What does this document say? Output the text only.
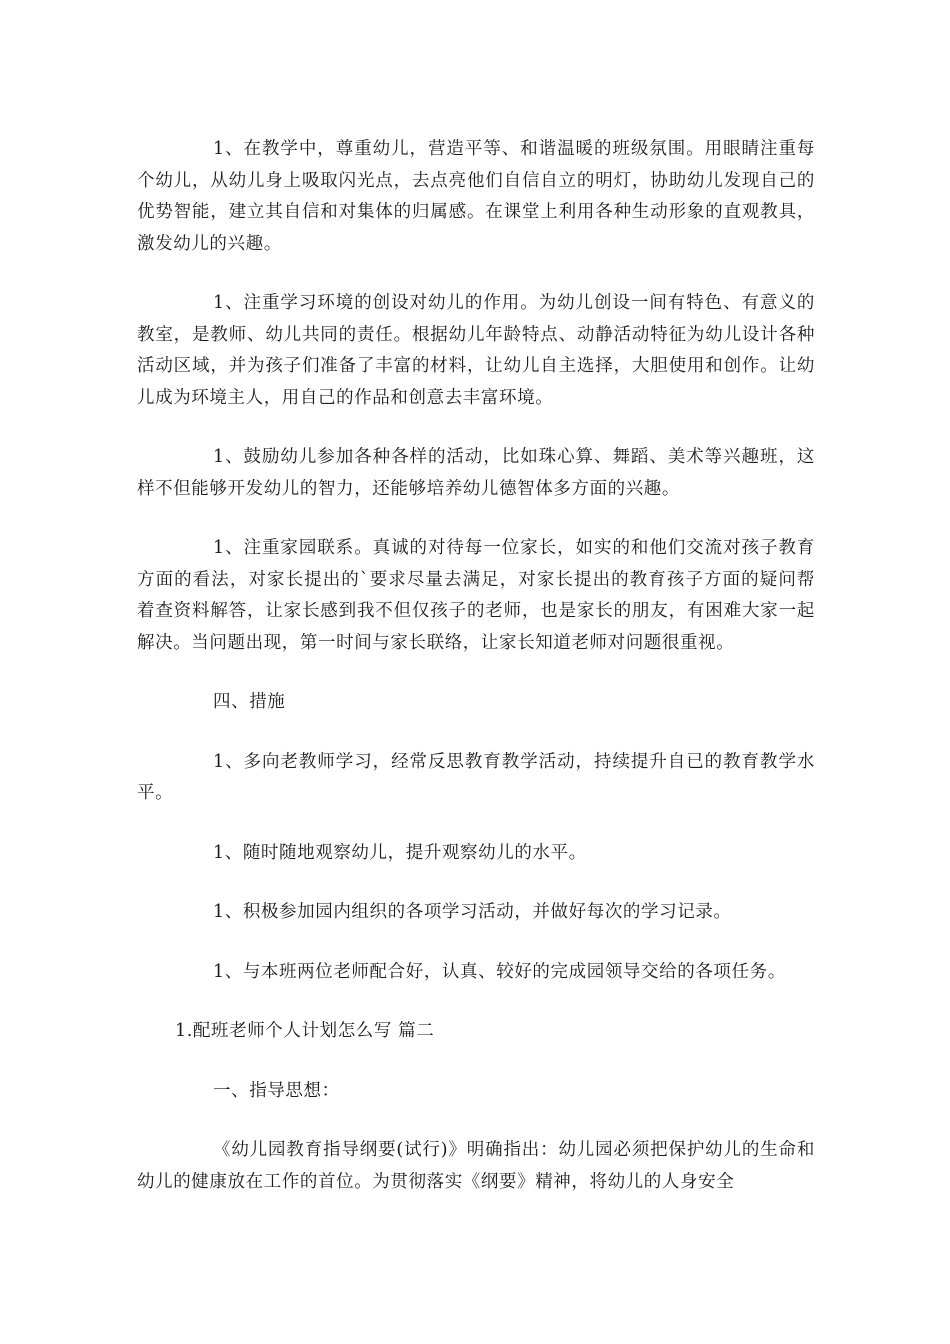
1、在教学中，尊重幼儿，营造平等、和谐温暖的班级氛围。用眼睛注重每个幼儿，从幼儿身上吸取闪光点，去点亮他们自信自立的明灯，协助幼儿发现自己的优势智能，建立其自信和对集体的归属感。在课堂上利用各种生动形象的直观教具，激发幼儿的兴趣。

1、注重学习环境的创设对幼儿的作用。为幼儿创设一间有特色、有意义的教室，是教师、幼儿共同的责任。根据幼儿年龄特点、动静活动特征为幼儿设计各种活动区域，并为孩子们准备了丰富的材料，让幼儿自主选择，大胆使用和创作。让幼儿成为环境主人，用自己的作品和创意去丰富环境。

1、鼓励幼儿参加各种各样的活动，比如珠心算、舞蹈、美术等兴趣班，这样不但能够开发幼儿的智力，还能够培养幼儿德智体多方面的兴趣。

1、注重家园联系。真诚的对待每一位家长，如实的和他们交流对孩子教育方面的看法，对家长提出的`要求尽量去满足，对家长提出的教育孩子方面的疑问帮着查资料解答，让家长感到我不但仅孩子的老师，也是家长的朋友，有困难大家一起解决。当问题出现，第一时间与家长联络，让家长知道老师对问题很重视。

四、措施

1、多向老教师学习，经常反思教育教学活动，持续提升自已的教育教学水平。

1、随时随地观察幼儿，提升观察幼儿的水平。

1、积极参加园内组织的各项学习活动，并做好每次的学习记录。

1、与本班两位老师配合好，认真、较好的完成园领导交给的各项任务。

1.配班老师个人计划怎么写 篇二

一、指导思想：

《幼儿园教育指导纲要(试行)》明确指出：幼儿园必须把保护幼儿的生命和幼儿的健康放在工作的首位。为贯彻落实《纲要》精神，将幼儿的人身安全
